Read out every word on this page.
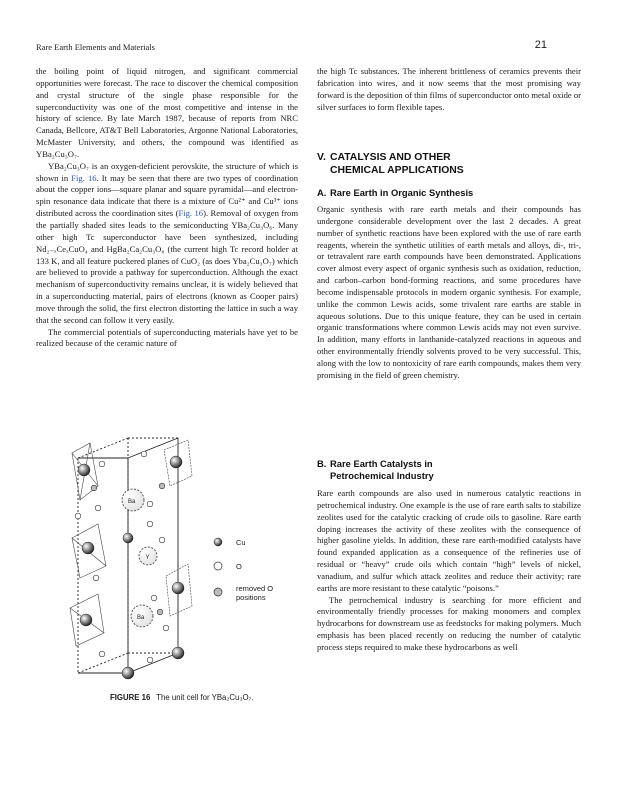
Rare Earth Elements and Materials	21

the boiling point of liquid nitrogen, and significant commercial opportunities were forecast. The race to discover the chemical composition and crystal structure of the single phase responsible for the superconductivity was one of the most competitive and intense in the history of science. By late March 1987, because of reports from NRC Canada, Bellcore, AT&T Bell Laboratories, Argonne National Laboratories, McMaster University, and others, the compound was identified as YBa₂Cu₃O₇.

YBa₂Cu₃O₇ is an oxygen-deficient perovskite, the structure of which is shown in Fig. 16. It may be seen that there are two types of coordination about the copper ions—square planar and square pyramidal—and electron-spin resonance data indicate that there is a mixture of Cu²⁺ and Cu³⁺ ions distributed across the coordination sites (Fig. 16). Removal of oxygen from the partially shaded sites leads to the semiconducting YBa₂Cu₃O₆. Many other high Tc superconductor have been synthesized, including Nd₂₋ₓCeₓCuO₄ and HgBa₂Ca₂Cu₃O₈ (the current high Tc record holder at 133 K, and all feature puckered planes of CuO₂ (as does Yba₂Cu₃O₇) which are believed to provide a pathway for superconduction. Although the exact mechanism of superconductivity remains unclear, it is widely believed that in a superconducting material, pairs of electrons (known as Cooper pairs) move through the solid, the first electron distorting the lattice in such a way that the second can follow it very easily.

The commercial potentials of superconducting materials have yet to be realized because of the ceramic nature of

the high Tc substances. The inherent brittleness of ceramics prevents their fabrication into wires, and it now seems that the most promising way forward is the deposition of thin films of superconductor onto metal oxide or silver surfaces to form flexible tapes.

V. CATALYSIS AND OTHER
CHEMICAL APPLICATIONS
A. Rare Earth in Organic Synthesis

Organic synthesis with rare earth metals and their compounds has undergone considerable development over the last 2 decades. A great number of synthetic reactions have been explored with the use of rare earth reagents, wherein the synthetic utilities of earth metals and alloys, di-, tri-, or tetravalent rare earth compounds have been demonstrated. Applications cover almost every aspect of organic synthesis such as oxidation, reduction, and carbon–carbon bond-forming reactions, and some procedures have become indispensable protocols in modern organic synthesis. For example, unlike the common Lewis acids, some trivalent rare earths are stable in aqueous solutions. Due to this unique feature, they can be used in certain organic transformations where common Lewis acids may not even survive. In addition, many efforts in lanthanide-catalyzed reactions in aqueous and other environmentally friendly solvents proved to be very successful. This, along with the low to nontoxicity of rare earth compounds, makes them very promising in the field of green chemistry.

B. Rare Earth Catalysts in
Petrochemical Industry

Rare earth compounds are also used in numerous catalytic reactions in petrochemical industry. One example is the use of rare earth salts to stabilize zeolites used for the catalytic cracking of crude oils to gasoline. Rare earth doping increases the activity of these zeolites with the consequence of higher gasoline yields. In addition, these rare earth-modified catalysts have found expanded application as a consequence of the refineries use of residual or “heavy” crude oils which contain “high” levels of nickel, vanadium, and sulfur which attack zeolites and reduce their activity; rare earths are more resistant to these catalytic “poisons.”

The petrochemical industry is searching for more efficient and environmentally friendly processes for making monomers and complex hydrocarbons for downstream use as feedstocks for making polymers. Much emphasis has been placed recently on reducing the number of catalytic process steps required to make these hydrocarbons as well

Ba
Y
Ba
Cu
O
removed O
positions
FIGURE 16 The unit cell for YBa₂Cu₃O₇.
